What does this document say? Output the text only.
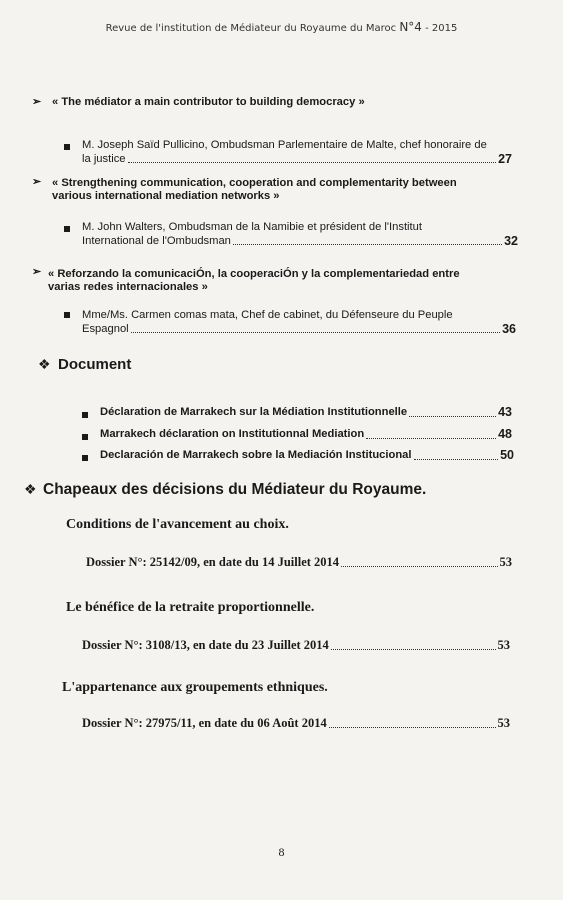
Revue de l'institution de Médiateur du Royaume du Maroc N°4 - 2015
➢ « The médiator a main contributor to building democracy »
M. Joseph Saïd Pullicino, Ombudsman Parlementaire de Malte, chef honoraire de
la justice	27
➢ « Strengthening communication, cooperation and complementarity between
various international mediation networks »
M. John Walters, Ombudsman de la Namibie et président de l'Institut
International de l'Ombudsman	32
➢ « Reforzando la comunicaciÓn, la cooperaciÓn y la complementariedad entre
varias redes internacionales »
Mme/Ms. Carmen comas mata, Chef de cabinet, du Défenseure du Peuple
Espagnol	36
❖ Document
Déclaration de Marrakech sur la Médiation Institutionnelle	43
Marrakech déclaration on Institutionnal Mediation	48
Declaración de Marrakech sobre la Mediación Institucional	50
❖ Chapeaux des décisions du Médiateur du Royaume.
Conditions de l'avancement au choix.
Dossier N°: 25142/09, en date du 14 Juillet 2014	53
Le bénéfice de la retraite proportionnelle.
Dossier N°: 3108/13, en date du 23 Juillet 2014	53
L'appartenance aux groupements ethniques.
Dossier N°: 27975/11, en date du 06 Août 2014	53
8
